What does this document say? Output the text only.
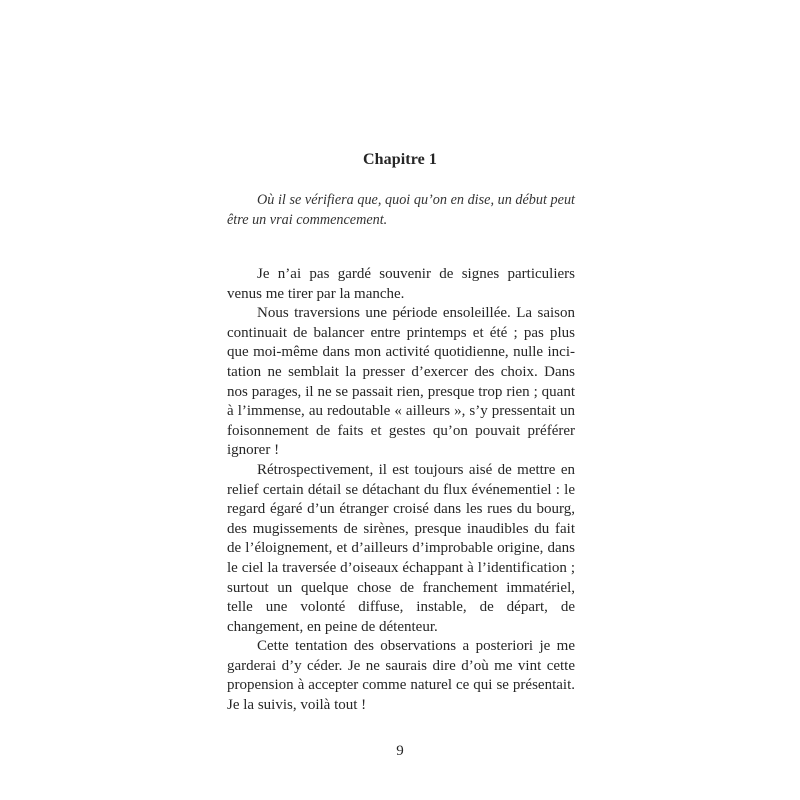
Chapitre 1
Où il se vérifiera que, quoi qu’on en dise, un début peut être un vrai commencement.

Je n’ai pas gardé souvenir de signes particuliers venus me tirer par la manche.

Nous traversions une période ensoleillée. La saison continuait de balancer entre printemps et été ; pas plus que moi-même dans mon activité quotidienne, nulle incitation ne semblait la presser d’exercer des choix. Dans nos parages, il ne se passait rien, presque trop rien ; quant à l’immense, au redoutable « ailleurs », s’y pressentait un foisonnement de faits et gestes qu’on pouvait préférer ignorer !

Rétrospectivement, il est toujours aisé de mettre en relief certain détail se détachant du flux événementiel : le regard égaré d’un étranger croisé dans les rues du bourg, des mugissements de sirènes, presque inaudibles du fait de l’éloignement, et d’ailleurs d’improbable origine, dans le ciel la traversée d’oiseaux échappant à l’identification ; surtout un quelque chose de franchement immatériel, telle une volonté diffuse, instable, de départ, de changement, en peine de détenteur.

Cette tentation des observations a posteriori je me garderai d’y céder. Je ne saurais dire d’où me vint cette propension à accepter comme naturel ce qui se présentait. Je la suivis, voilà tout !

9
